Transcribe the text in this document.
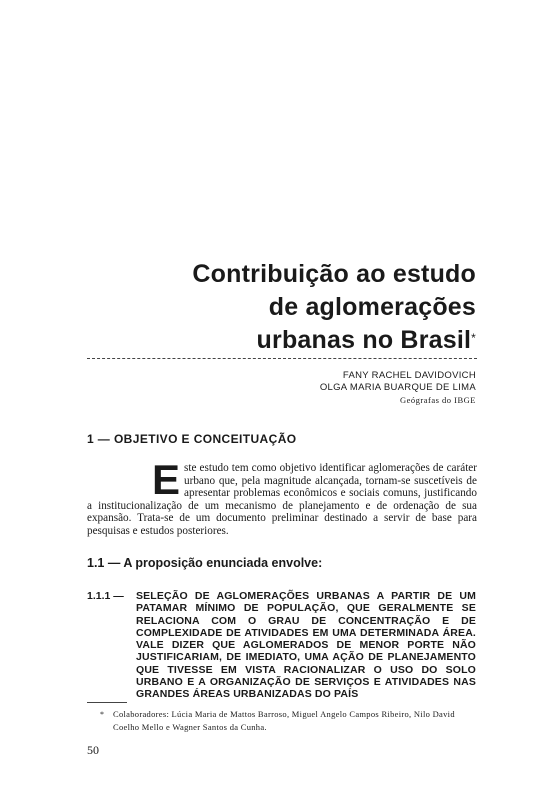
Contribuição ao estudo
de aglomerações
urbanas no Brasil*
FANY RACHEL DAVIDOVICH
OLGA MARIA BUARQUE DE LIMA
Geógrafas do IBGE
1 — OBJETIVO E CONCEITUAÇÃO
Este estudo tem como objetivo identificar aglomerações de caráter urbano que, pela magnitude alcançada, tornam-se suscetíveis de apresentar problemas econômicos e sociais comuns, justificando a institucionalização de um mecanismo de planejamento e de ordenação de sua expansão. Trata-se de um documento preliminar destinado a servir de base para pesquisas e estudos posteriores.
1.1 — A proposição enunciada envolve:
1.1.1 — SELEÇÃO DE AGLOMERAÇÕES URBANAS A PARTIR DE UM PATAMAR MÍNIMO DE POPULAÇÃO, QUE GERALMENTE SE RELACIONA COM O GRAU DE CONCENTRAÇÃO E DE COMPLEXIDADE DE ATIVIDADES EM UMA DETERMINADA ÁREA. VALE DIZER QUE AGLOMERADOS DE MENOR PORTE NÃO JUSTIFICARIAM, DE IMEDIATO, UMA AÇÃO DE PLANEJAMENTO QUE TIVESSE EM VISTA RACIONALIZAR O USO DO SOLO URBANO E A ORGANIZAÇÃO DE SERVIÇOS E ATIVIDADES NAS GRANDES ÁREAS URBANIZADAS DO PAÍS
* Colaboradores: Lúcia Maria de Mattos Barroso, Miguel Angelo Campos Ribeiro, Nilo David Coelho Mello e Wagner Santos da Cunha.
50
